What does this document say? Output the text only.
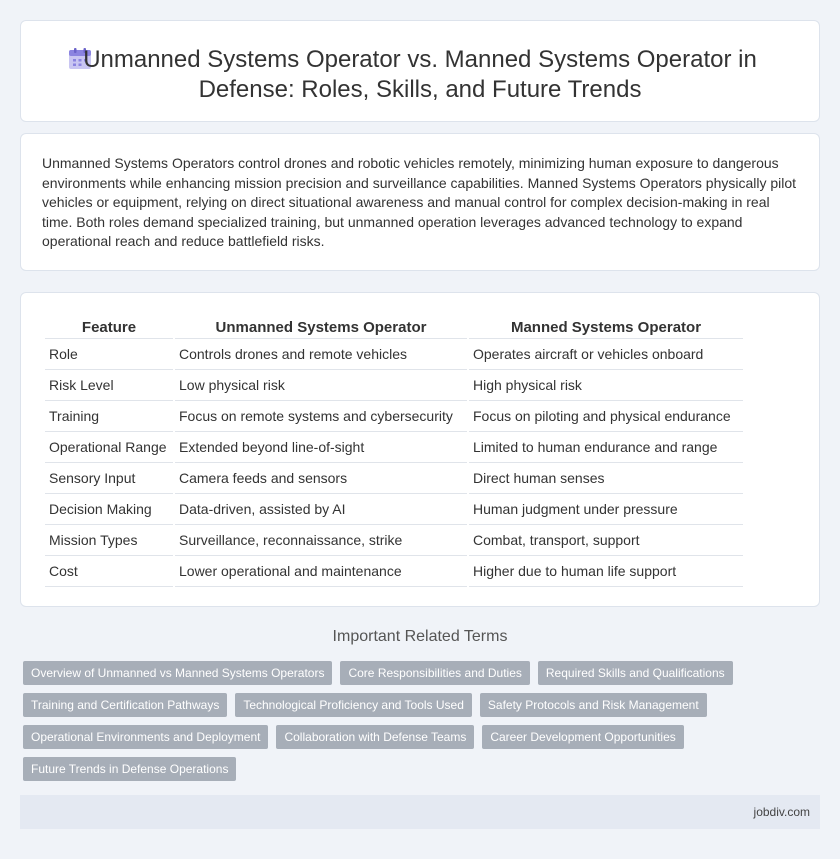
Unmanned Systems Operator vs. Manned Systems Operator in Defense: Roles, Skills, and Future Trends

Unmanned Systems Operators control drones and robotic vehicles remotely, minimizing human exposure to dangerous environments while enhancing mission precision and surveillance capabilities. Manned Systems Operators physically pilot vehicles or equipment, relying on direct situational awareness and manual control for complex decision-making in real time. Both roles demand specialized training, but unmanned operation leverages advanced technology to expand operational reach and reduce battlefield risks.

Feature	Unmanned Systems Operator	Manned Systems Operator
Role	Controls drones and remote vehicles	Operates aircraft or vehicles onboard
Risk Level	Low physical risk	High physical risk
Training	Focus on remote systems and cybersecurity	Focus on piloting and physical endurance
Operational Range	Extended beyond line-of-sight	Limited to human endurance and range
Sensory Input	Camera feeds and sensors	Direct human senses
Decision Making	Data-driven, assisted by AI	Human judgment under pressure
Mission Types	Surveillance, reconnaissance, strike	Combat, transport, support
Cost	Lower operational and maintenance	Higher due to human life support
Important Related Terms
Overview of Unmanned vs Manned Systems Operators	Core Responsibilities and Duties	Required Skills and Qualifications
Training and Certification Pathways	Technological Proficiency and Tools Used	Safety Protocols and Risk Management
Operational Environments and Deployment	Collaboration with Defense Teams	Career Development Opportunities
Future Trends in Defense Operations
jobdiv.com
